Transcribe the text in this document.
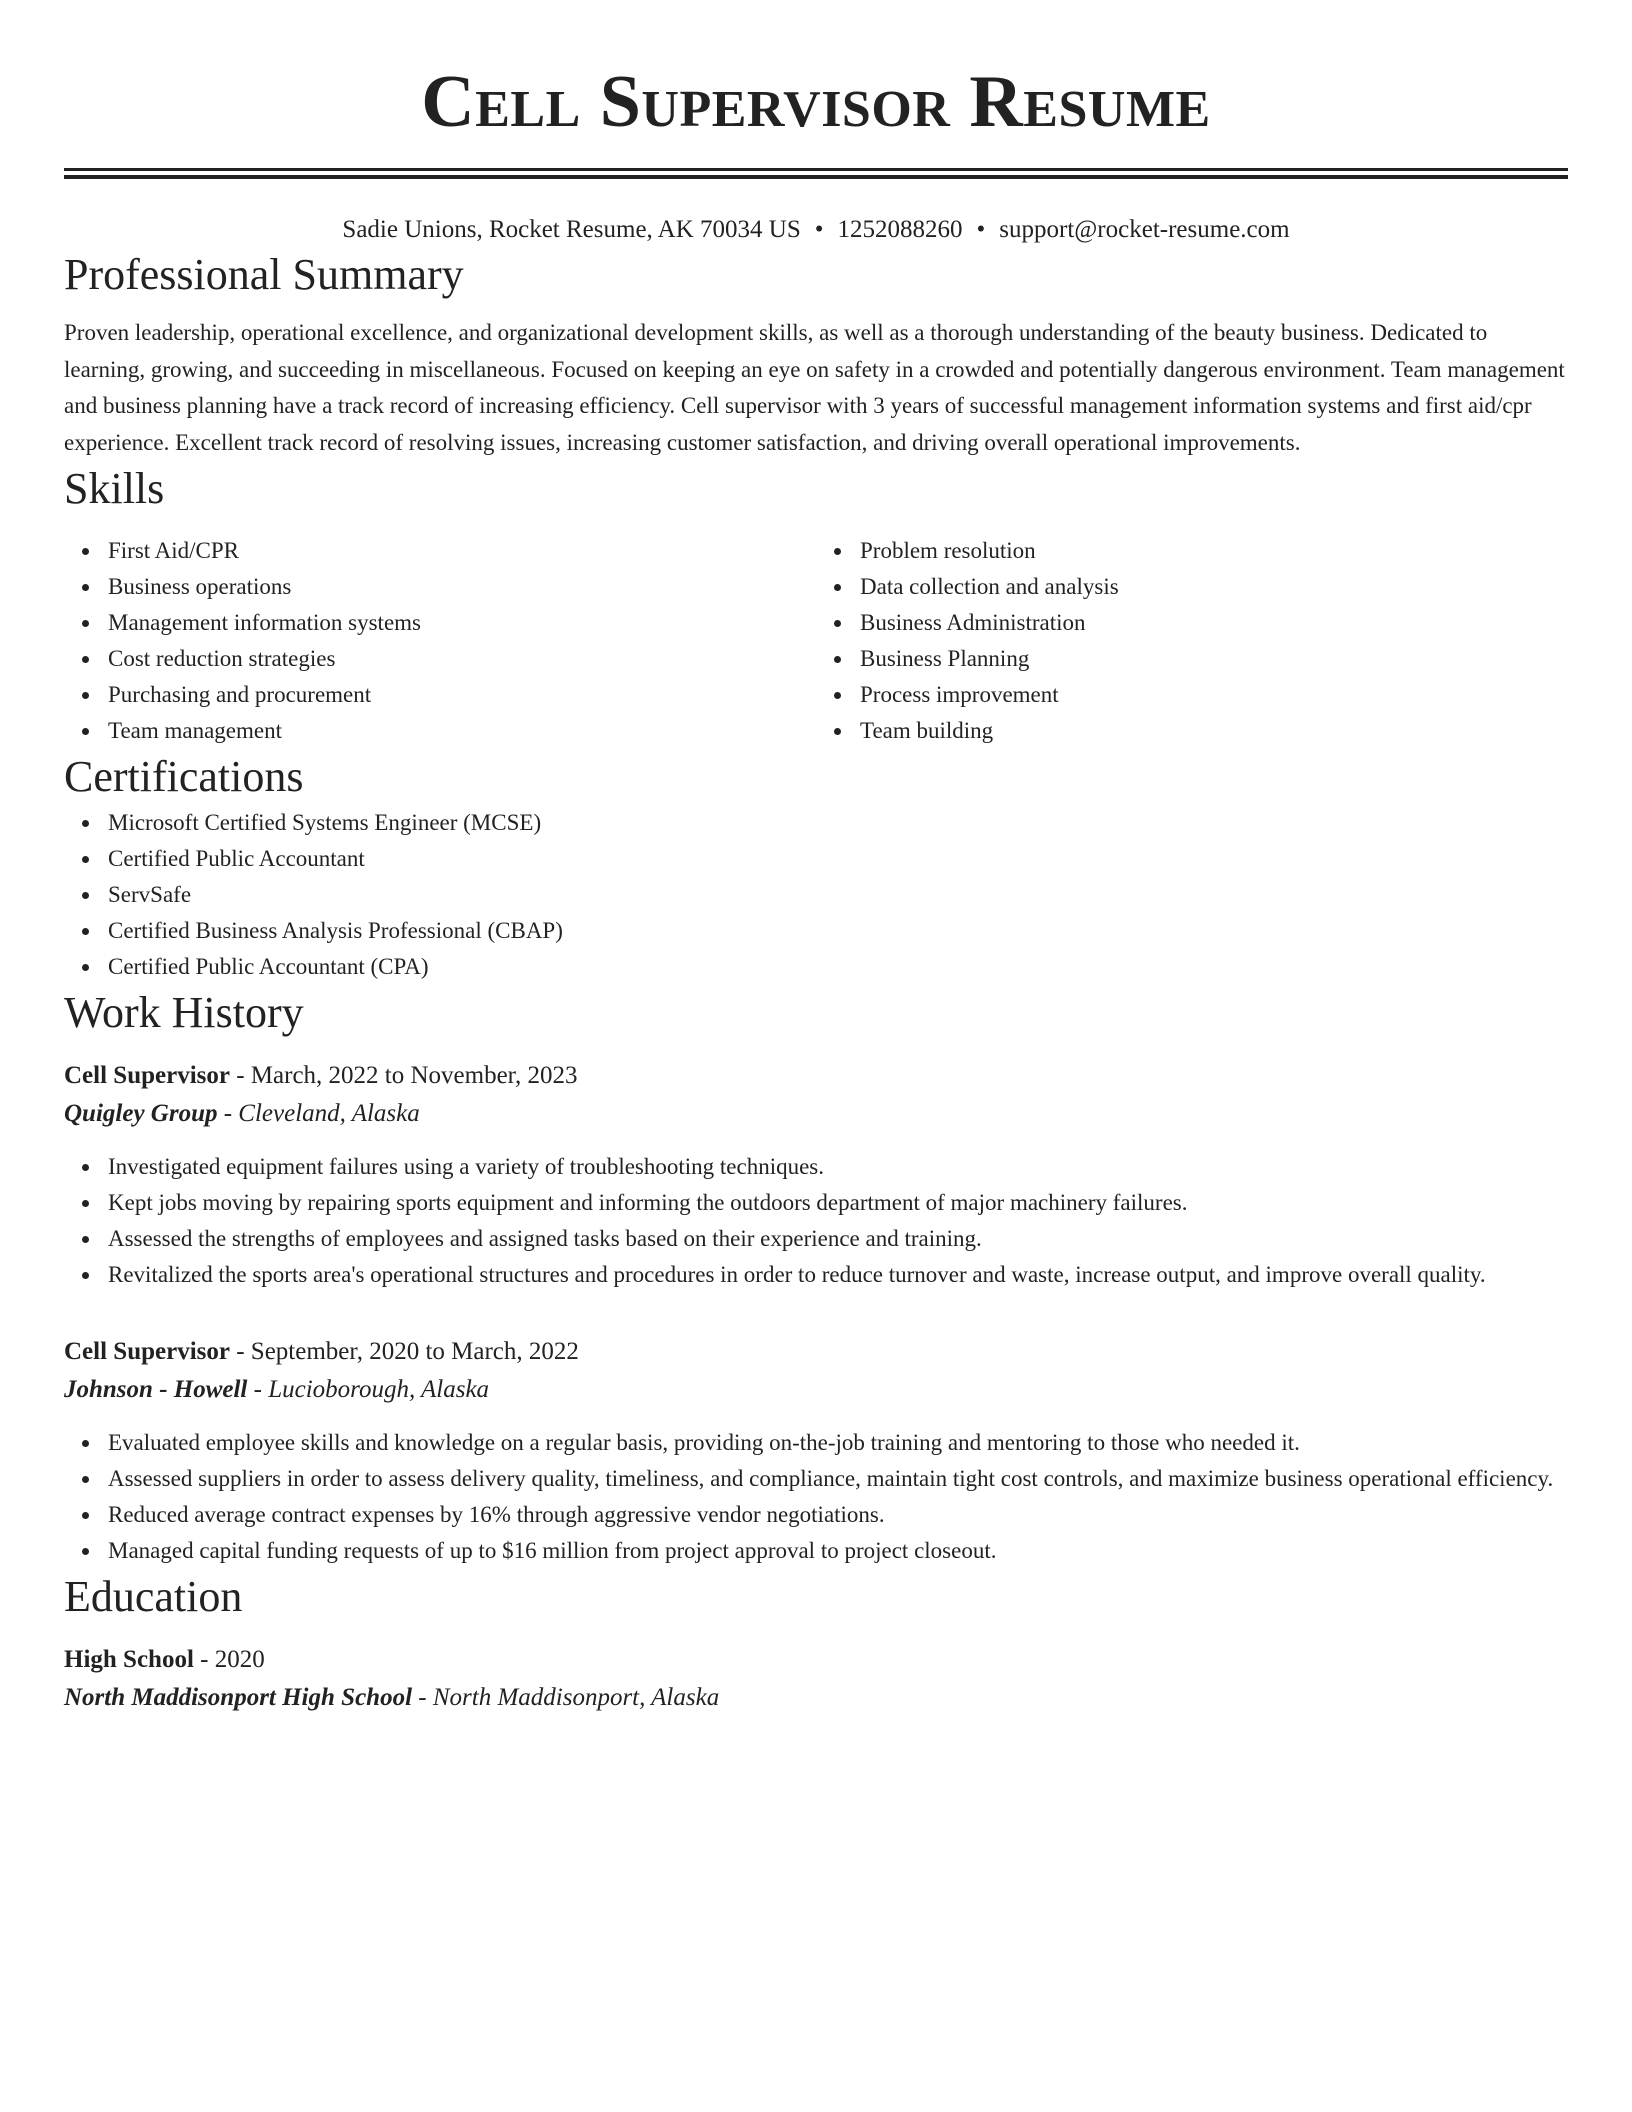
Cell Supervisor Resume
Sadie Unions, Rocket Resume, AK 70034 US • 1252088260 • support@rocket-resume.com
Professional Summary

Proven leadership, operational excellence, and organizational development skills, as well as a thorough understanding of the beauty business. Dedicated to learning, growing, and succeeding in miscellaneous. Focused on keeping an eye on safety in a crowded and potentially dangerous environment. Team management and business planning have a track record of increasing efficiency. Cell supervisor with 3 years of successful management information systems and first aid/cpr experience. Excellent track record of resolving issues, increasing customer satisfaction, and driving overall operational improvements.

Skills
First Aid/CPR
Business operations
Management information systems
Cost reduction strategies
Purchasing and procurement
Team management
Problem resolution
Data collection and analysis
Business Administration
Business Planning
Process improvement
Team building
Certifications
Microsoft Certified Systems Engineer (MCSE)
Certified Public Accountant
ServSafe
Certified Business Analysis Professional (CBAP)
Certified Public Accountant (CPA)
Work History
Cell Supervisor - March, 2022 to November, 2023
Quigley Group - Cleveland, Alaska
Investigated equipment failures using a variety of troubleshooting techniques.
Kept jobs moving by repairing sports equipment and informing the outdoors department of major machinery failures.
Assessed the strengths of employees and assigned tasks based on their experience and training.
Revitalized the sports area's operational structures and procedures in order to reduce turnover and waste, increase output, and improve overall quality.
Cell Supervisor - September, 2020 to March, 2022
Johnson - Howell - Lucioborough, Alaska
Evaluated employee skills and knowledge on a regular basis, providing on-the-job training and mentoring to those who needed it.
Assessed suppliers in order to assess delivery quality, timeliness, and compliance, maintain tight cost controls, and maximize business operational efficiency.
Reduced average contract expenses by 16% through aggressive vendor negotiations.
Managed capital funding requests of up to $16 million from project approval to project closeout.
Education
High School - 2020
North Maddisonport High School - North Maddisonport, Alaska
